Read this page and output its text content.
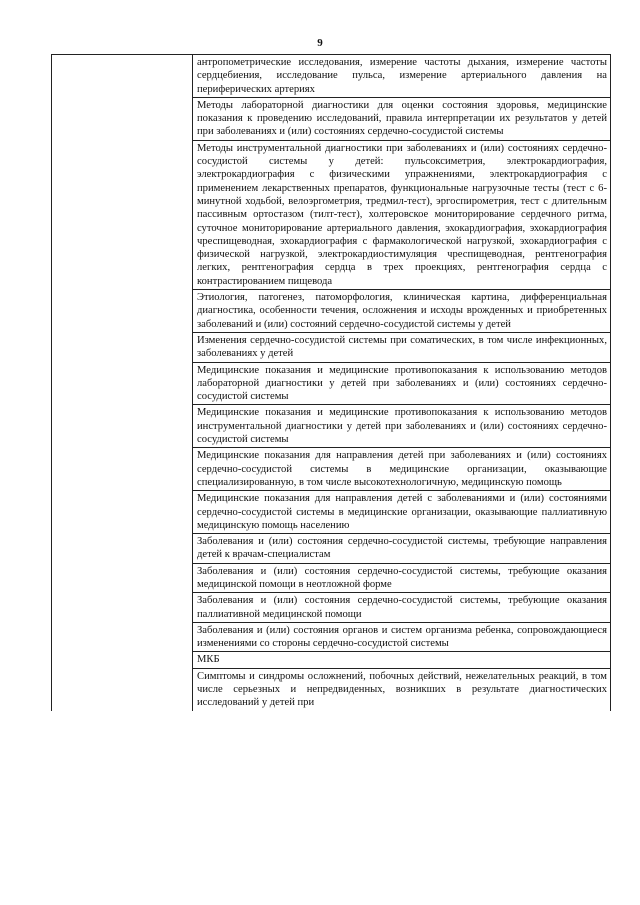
9

антропометрические исследования, измерение частоты дыхания, измерение частоты сердцебиения, исследование пульса, измерение артериального давления на периферических артериях

Методы лабораторной диагностики для оценки состояния здоровья, медицинские показания к проведению исследований, правила интерпретации их результатов у детей при заболеваниях и (или) состояниях сердечно-сосудистой системы

Методы инструментальной диагностики при заболеваниях и (или) состояниях сердечно-сосудистой системы у детей: пульсоксиметрия, электрокардиография, электрокардиография с физическими упражнениями, электрокардиография с применением лекарственных препаратов, функциональные нагрузочные тесты (тест с 6-минутной ходьбой, велоэргометрия, тредмил-тест), эргоспирометрия, тест с длительным пассивным ортостазом (тилт-тест), холтеровское мониторирование сердечного ритма, суточное мониторирование артериального давления, эхокардиография, эхокардиография чреспищеводная, эхокардиография с фармакологической нагрузкой, эхокардиография с физической нагрузкой, электрокардиостимуляция чреспищеводная, рентгенография легких, рентгенография сердца в трех проекциях, рентгенография сердца с контрастированием пищевода

Этиология, патогенез, патоморфология, клиническая картина, дифференциальная диагностика, особенности течения, осложнения и исходы врожденных и приобретенных заболеваний и (или) состояний сердечно-сосудистой системы у детей

Изменения сердечно-сосудистой системы при соматических, в том числе инфекционных, заболеваниях у детей

Медицинские показания и медицинские противопоказания к использованию методов лабораторной диагностики у детей при заболеваниях и (или) состояниях сердечно-сосудистой системы

Медицинские показания и медицинские противопоказания к использованию методов инструментальной диагностики у детей при заболеваниях и (или) состояниях сердечно-сосудистой системы

Медицинские показания для направления детей при заболеваниях и (или) состояниях сердечно-сосудистой системы в медицинские организации, оказывающие специализированную, в том числе высокотехнологичную, медицинскую помощь

Медицинские показания для направления детей с заболеваниями и (или) состояниями сердечно-сосудистой системы в медицинские организации, оказывающие паллиативную медицинскую помощь населению

Заболевания и (или) состояния сердечно-сосудистой системы, требующие направления детей к врачам-специалистам

Заболевания и (или) состояния сердечно-сосудистой системы, требующие оказания медицинской помощи в неотложной форме

Заболевания и (или) состояния сердечно-сосудистой системы, требующие оказания паллиативной медицинской помощи

Заболевания и (или) состояния органов и систем организма ребенка, сопровождающиеся изменениями со стороны сердечно-сосудистой системы

МКБ

Симптомы и синдромы осложнений, побочных действий, нежелательных реакций, в том числе серьезных и непредвиденных, возникших в результате диагностических исследований у детей при
